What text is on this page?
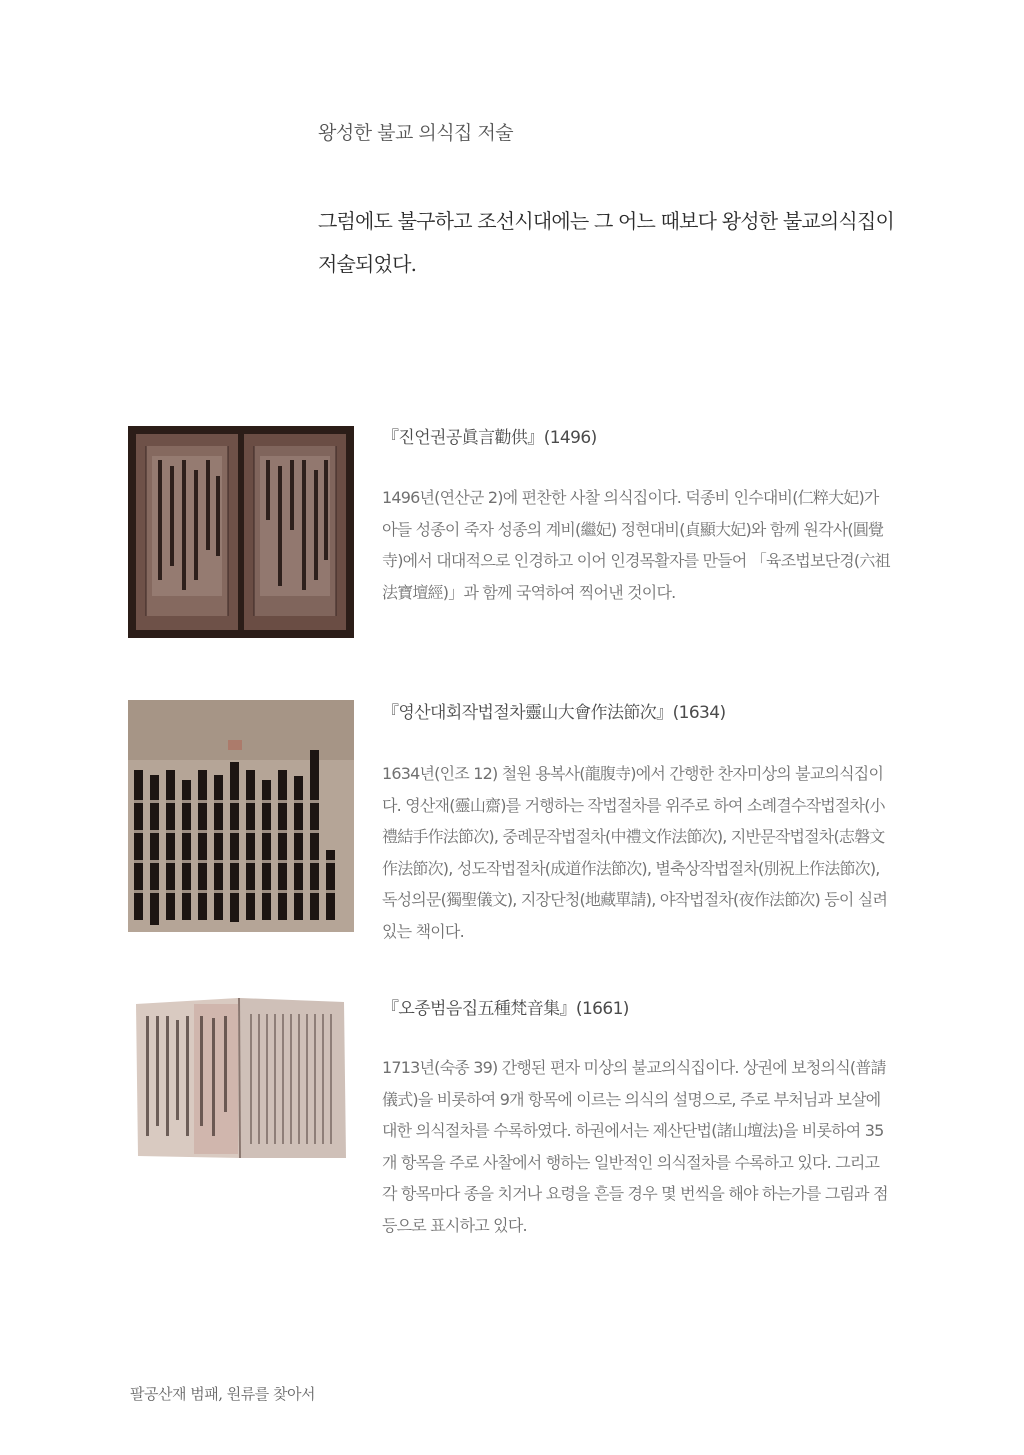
왕성한 불교 의식집 저술
그럼에도 불구하고 조선시대에는 그 어느 때보다 왕성한 불교의식집이 저술되었다.
『진언권공眞言勸供』(1496)

1496년(연산군 2)에 편찬한 사찰 의식집이다. 덕종비 인수대비(仁粹大妃)가 아들 성종이 죽자 성종의 계비(繼妃) 정현대비(貞顯大妃)와 함께 원각사(圓覺寺)에서 대대적으로 인경하고 이어 인경목활자를 만들어 「육조법보단경(六祖法寶壇經)」과 함께 국역하여 찍어낸 것이다.

『영산대회작법절차靈山大會作法節次』(1634)

1634년(인조 12) 철원 용복사(龍腹寺)에서 간행한 찬자미상의 불교의식집이다. 영산재(靈山齋)를 거행하는 작법절차를 위주로 하여 소례결수작법절차(小禮結手作法節次), 중례문작법절차(中禮文作法節次), 지반문작법절차(志磐文作法節次), 성도작법절차(成道作法節次), 별축상작법절차(別祝上作法節次), 독성의문(獨聖儀文), 지장단청(地藏單請), 야작법절차(夜作法節次) 등이 실려 있는 책이다.

『오종범음집五種梵音集』(1661)

1713년(숙종 39) 간행된 편자 미상의 불교의식집이다. 상권에 보청의식(普請儀式)을 비롯하여 9개 항목에 이르는 의식의 설명으로, 주로 부처님과 보살에 대한 의식절차를 수록하였다. 하권에서는 제산단법(諸山壇法)을 비롯하여 35개 항목을 주로 사찰에서 행하는 일반적인 의식절차를 수록하고 있다. 그리고 각 항목마다 종을 치거나 요령을 흔들 경우 몇 번씩을 해야 하는가를 그림과 점 등으로 표시하고 있다.

팔공산재 범패, 원류를 찾아서
